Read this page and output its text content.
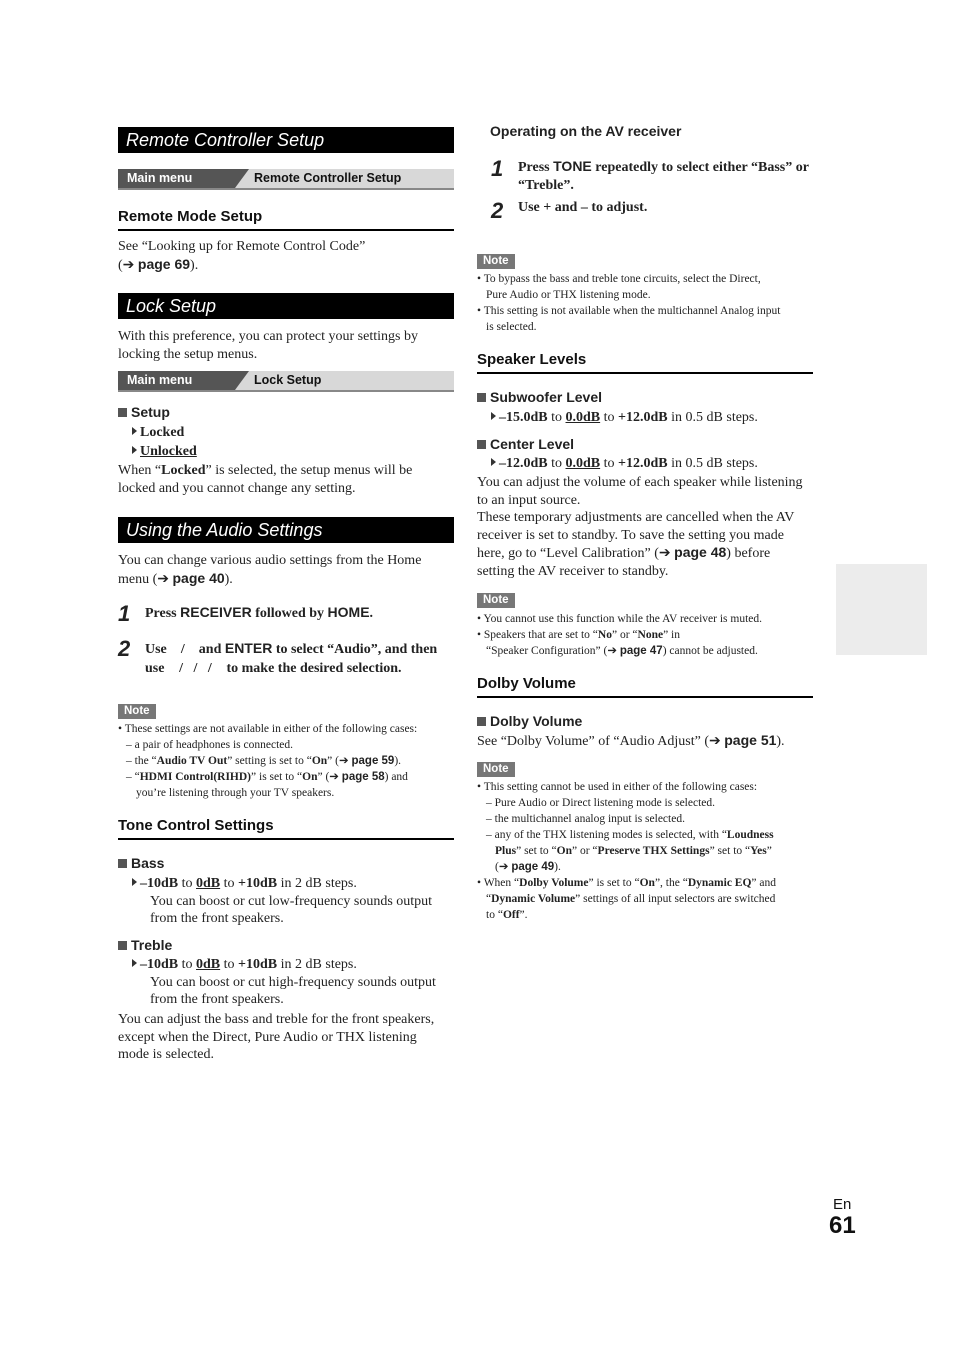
Remote Controller Setup
Remote Controller Setup
Main menu
Remote Mode Setup
See “Looking up for Remote Control Code”
(➔ page 69).
Lock Setup
With this preference, you can protect your settings by
locking the setup menus.
Lock Setup
Main menu
Setup
Locked
Unlocked
When “Locked” is selected, the setup menus will be
locked and you cannot change any setting.
Using the Audio Settings
You can change various audio settings from the Home
menu (➔ page 40).
1 Press RECEIVER followed by HOME.
2 Use / and ENTER to select “Audio”, and then
use /   /   / to make the desired selection.
Note
• These settings are not available in either of the following cases:
– a pair of headphones is connected.
– the “Audio TV Out” setting is set to “On” (➔ page 59).
– “HDMI Control(RIHD)” is set to “On” (➔ page 58) and
you’re listening through your TV speakers.
Tone Control Settings
Bass
–10dB to 0dB to +10dB in 2 dB steps.
You can boost or cut low-frequency sounds output
from the front speakers.
Treble
–10dB to 0dB to +10dB in 2 dB steps.
You can boost or cut high-frequency sounds output
from the front speakers.
You can adjust the bass and treble for the front speakers,
except when the Direct, Pure Audio or THX listening
mode is selected.
Operating on the AV receiver
1 Press TONE repeatedly to select either “Bass” or
“Treble”.
2 Use + and – to adjust.
Note
• To bypass the bass and treble tone circuits, select the Direct,
Pure Audio or THX listening mode.
• This setting is not available when the multichannel Analog input
is selected.
Speaker Levels
Subwoofer Level
–15.0dB to 0.0dB to +12.0dB in 0.5 dB steps.
Center Level
–12.0dB to 0.0dB to +12.0dB in 0.5 dB steps.
You can adjust the volume of each speaker while listening
to an input source.
These temporary adjustments are cancelled when the AV
receiver is set to standby. To save the setting you made
here, go to “Level Calibration” (➔ page 48) before
setting the AV receiver to standby.
Note
• You cannot use this function while the AV receiver is muted.
• Speakers that are set to “No” or “None” in
“Speaker Configuration” (➔ page 47) cannot be adjusted.
Dolby Volume
Dolby Volume
See “Dolby Volume” of “Audio Adjust” (➔ page 51).
Note
• This setting cannot be used in either of the following cases:
– Pure Audio or Direct listening mode is selected.
– the multichannel analog input is selected.
– any of the THX listening modes is selected, with “Loudness
Plus” set to “On” or “Preserve THX Settings” set to “Yes”
(➔ page 49).
• When “Dolby Volume” is set to “On”, the “Dynamic EQ” and
“Dynamic Volume” settings of all input selectors are switched
to “Off”.
En
61
